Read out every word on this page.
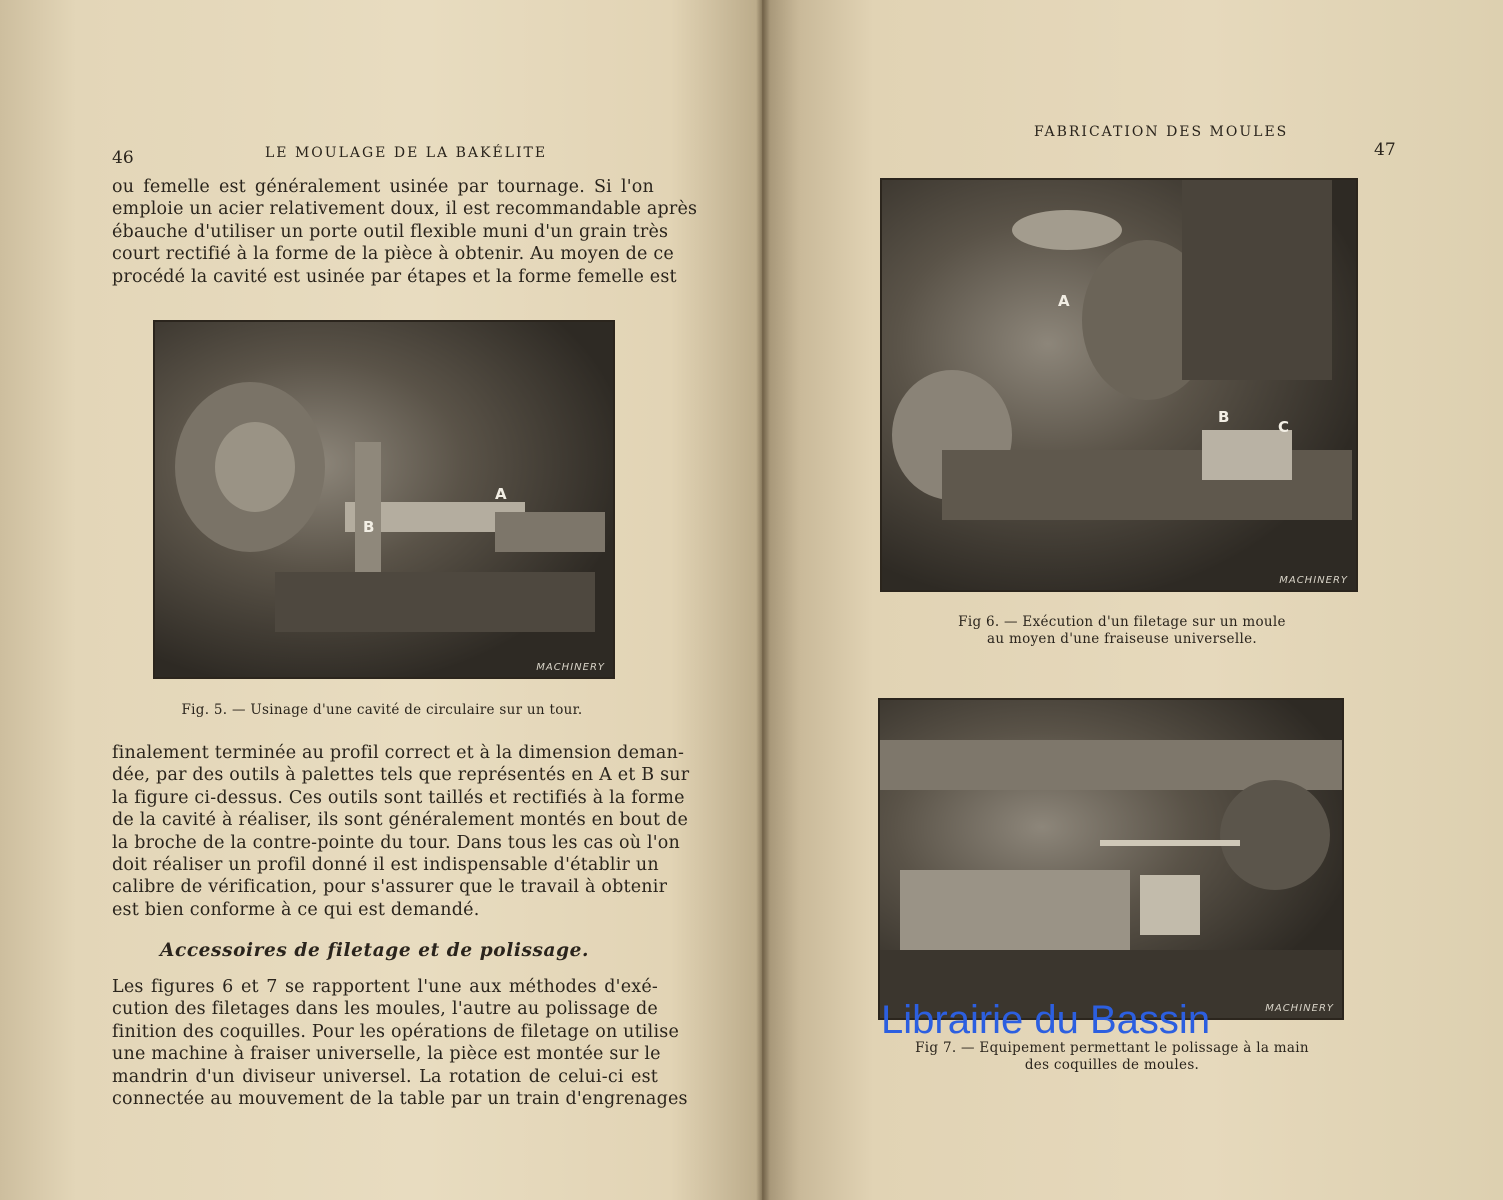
46	LE MOULAGE DE LA BAKÉLITE
ou femelle est généralement usinée par tournage. Si l'on
emploie un acier relativement doux, il est recommandable après
ébauche d'utiliser un porte outil flexible muni d'un grain très
court rectifié à la forme de la pièce à obtenir. Au moyen de ce
procédé la cavité est usinée par étapes et la forme femelle est
A
B
MACHINERY
Fig. 5. — Usinage d'une cavité de circulaire sur un tour.
finalement terminée au profil correct et à la dimension deman-
dée, par des outils à palettes tels que représentés en A et B sur
la figure ci-dessus. Ces outils sont taillés et rectifiés à la forme
de la cavité à réaliser, ils sont généralement montés en bout de
la broche de la contre-pointe du tour. Dans tous les cas où l'on
doit réaliser un profil donné il est indispensable d'établir un
calibre de vérification, pour s'assurer que le travail à obtenir
est bien conforme à ce qui est demandé.
Accessoires de filetage et de polissage.
Les figures 6 et 7 se rapportent l'une aux méthodes d'exé-
cution des filetages dans les moules, l'autre au polissage de
finition des coquilles. Pour les opérations de filetage on utilise
une machine à fraiser universelle, la pièce est montée sur le
mandrin d'un diviseur universel. La rotation de celui-ci est
connectée au mouvement de la table par un train d'engrenages
FABRICATION DES MOULES
47
A
B
C
MACHINERY
Fig 6. — Exécution d'un filetage sur un moule
au moyen d'une fraiseuse universelle.
MACHINERY
Fig 7. — Equipement permettant le polissage à la main
des coquilles de moules.
Librairie du Bassin
